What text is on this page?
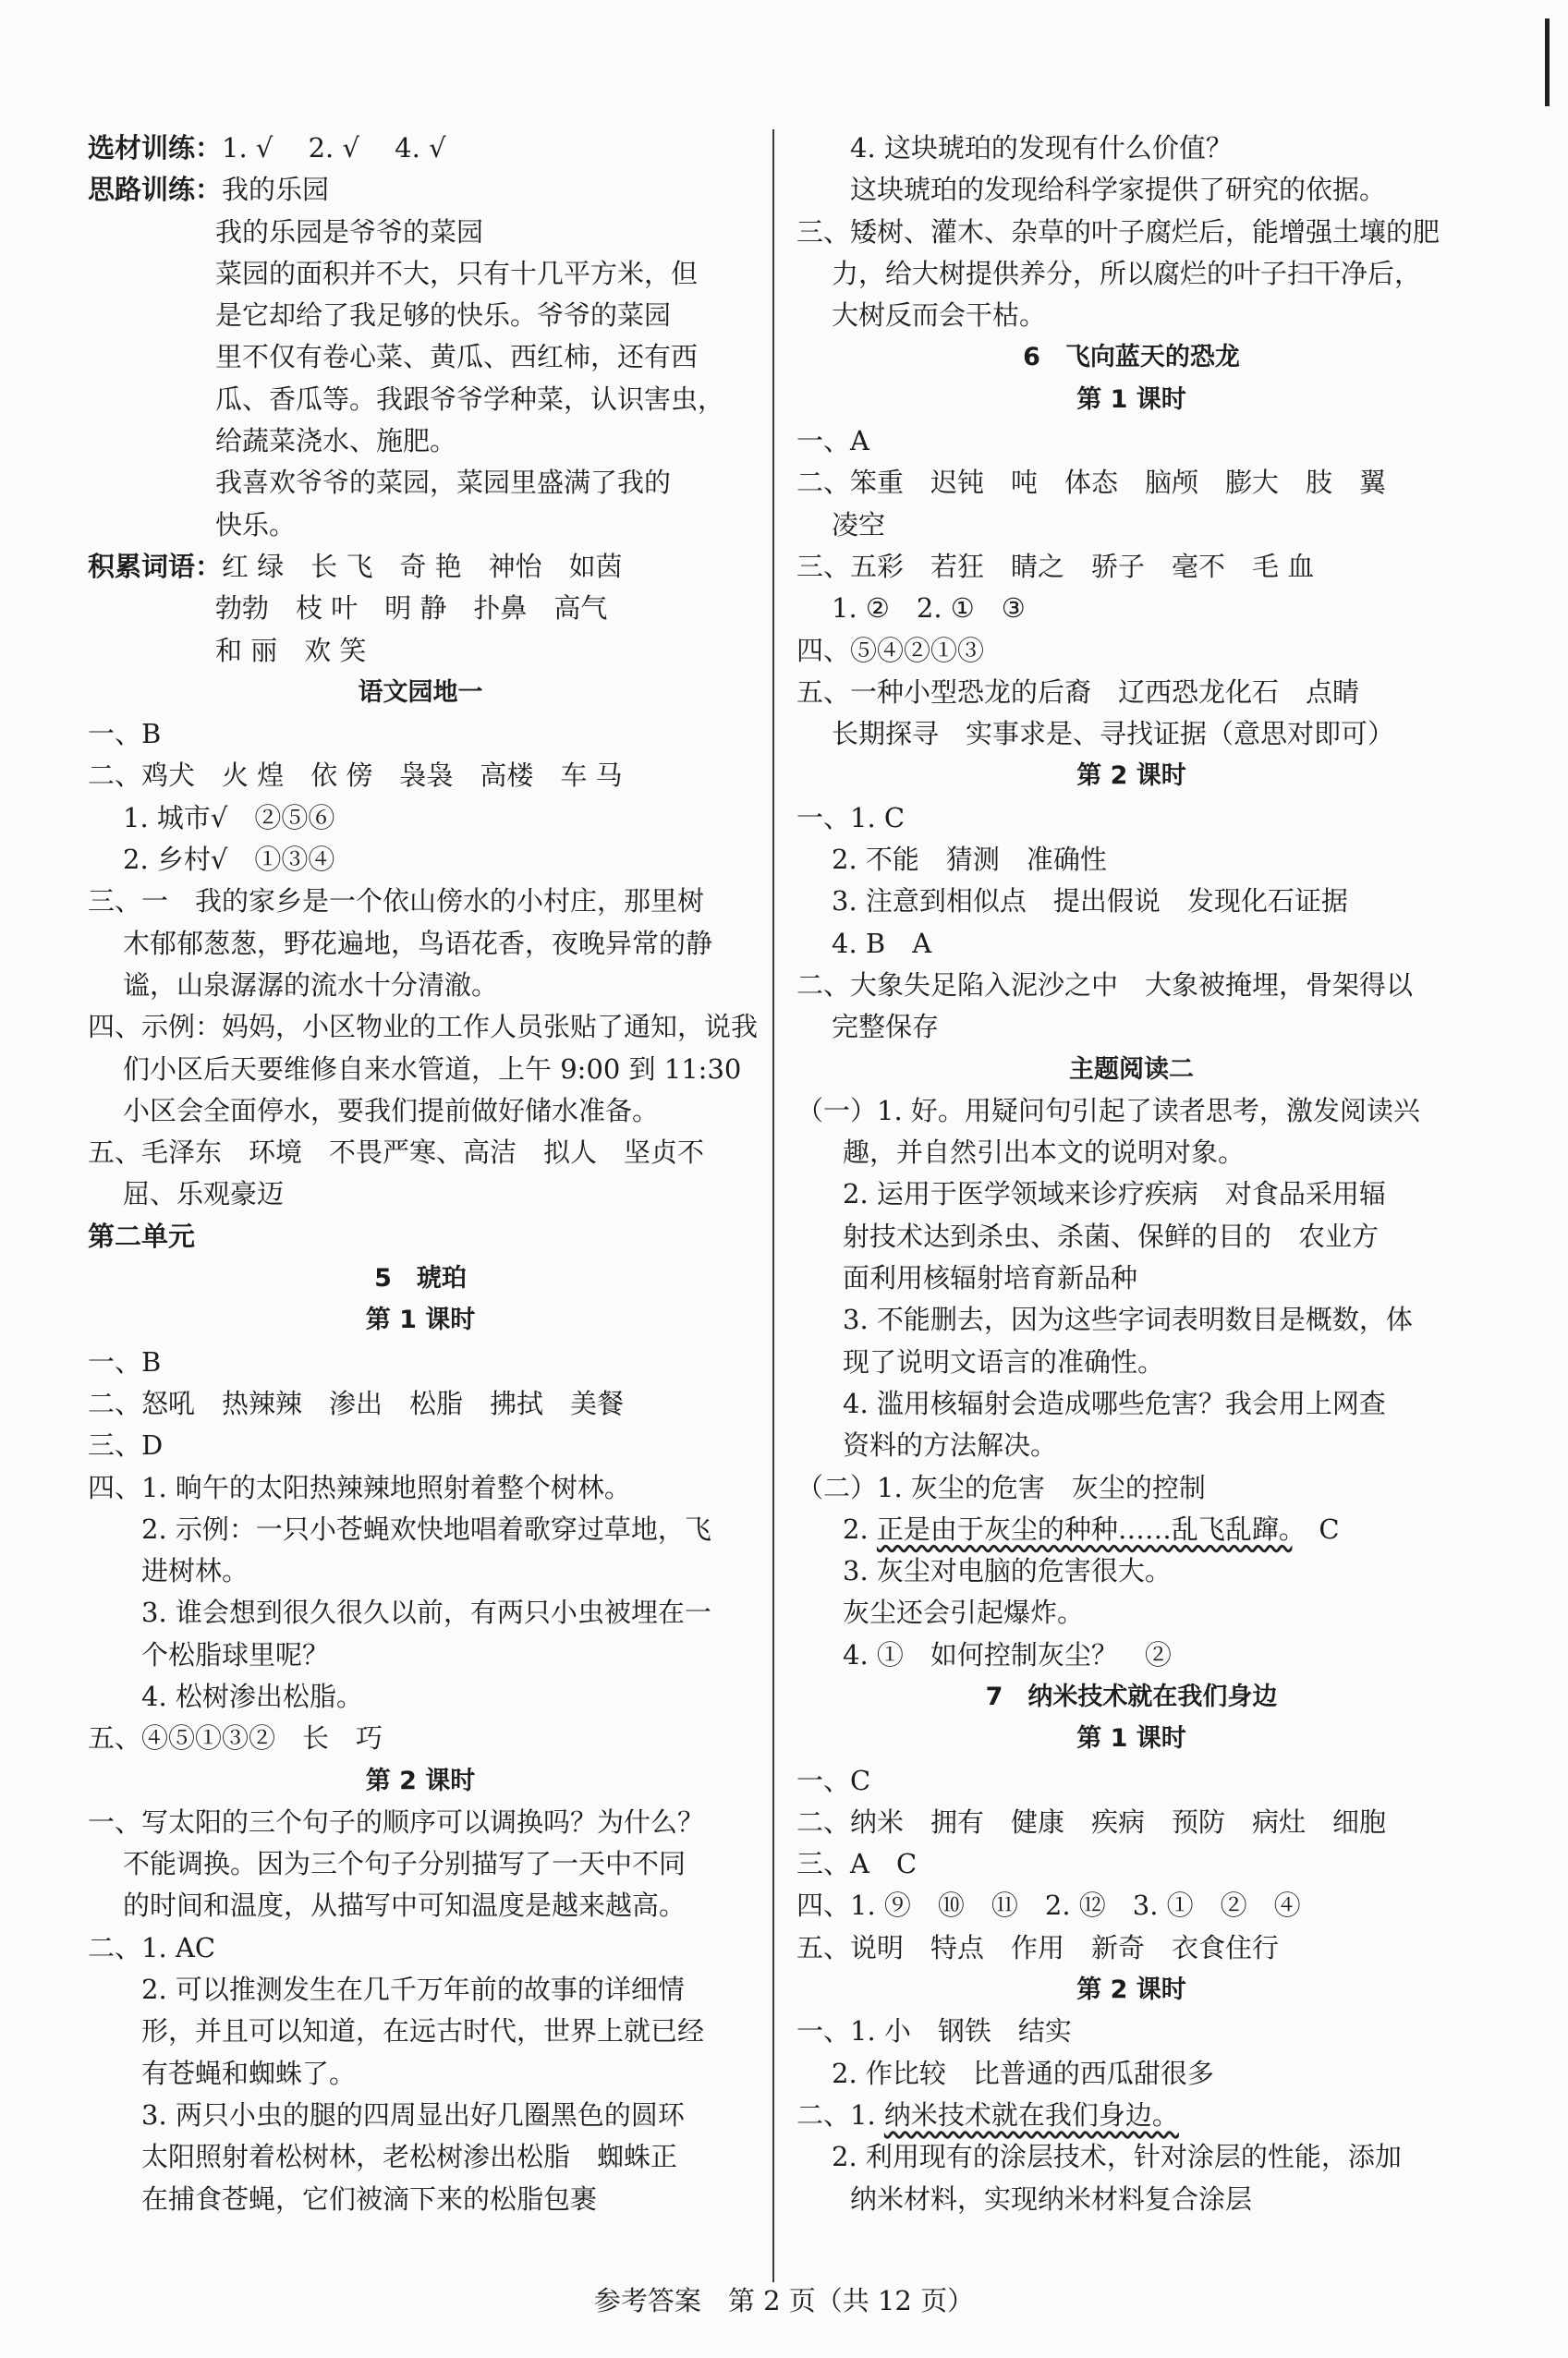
选材训练：1. √　 2. √　 4. √
思路训练：我的乐园
我的乐园是爷爷的菜园
菜园的面积并不大，只有十几平方米，但
是它却给了我足够的快乐。爷爷的菜园
里不仅有卷心菜、黄瓜、西红柿，还有西
瓜、香瓜等。我跟爷爷学种菜，认识害虫，
给蔬菜浇水、施肥。
我喜欢爷爷的菜园，菜园里盛满了我的
快乐。
积累词语：红 绿　长 飞　奇 艳　神怡　如茵
勃勃　枝 叶　明 静　扑鼻　高气
和 丽　欢 笑
语文园地一
一、B
二、鸡犬　火 煌　依 傍　袅袅　高楼　车 马
1. 城市√　②⑤⑥
2. 乡村√　①③④
三、一　我的家乡是一个依山傍水的小村庄，那里树
木郁郁葱葱，野花遍地，鸟语花香，夜晚异常的静
谧，山泉潺潺的流水十分清澈。
四、示例：妈妈，小区物业的工作人员张贴了通知，说我
们小区后天要维修自来水管道，上午 9:00 到 11:30
小区会全面停水，要我们提前做好储水准备。
五、毛泽东　环境　不畏严寒、高洁　拟人　坚贞不
屈、乐观豪迈
第二单元
5　琥珀
第 1 课时
一、B
二、怒吼　热辣辣　渗出　松脂　拂拭　美餐
三、D
四、1. 晌午的太阳热辣辣地照射着整个树林。
2. 示例：一只小苍蝇欢快地唱着歌穿过草地，飞
进树林。
3. 谁会想到很久很久以前，有两只小虫被埋在一
个松脂球里呢？
4. 松树渗出松脂。
五、④⑤①③②　长　巧
第 2 课时
一、写太阳的三个句子的顺序可以调换吗？为什么？
不能调换。因为三个句子分别描写了一天中不同
的时间和温度，从描写中可知温度是越来越高。
二、1. AC
2. 可以推测发生在几千万年前的故事的详细情
形，并且可以知道，在远古时代，世界上就已经
有苍蝇和蜘蛛了。
3. 两只小虫的腿的四周显出好几圈黑色的圆环
太阳照射着松树林，老松树渗出松脂　蜘蛛正
在捕食苍蝇，它们被滴下来的松脂包裹
4. 这块琥珀的发现有什么价值？
这块琥珀的发现给科学家提供了研究的依据。
三、矮树、灌木、杂草的叶子腐烂后，能增强土壤的肥
力，给大树提供养分，所以腐烂的叶子扫干净后，
大树反而会干枯。
6　飞向蓝天的恐龙
第 1 课时
一、A
二、笨重　迟钝　吨　体态　脑颅　膨大　肢　翼
凌空
三、五彩　若狂　睛之　骄子　毫不　毛 血
1. ②　2. ①　③
四、⑤④②①③
五、一种小型恐龙的后裔　辽西恐龙化石　点睛
长期探寻　实事求是、寻找证据（意思对即可）
第 2 课时
一、1. C
2. 不能　猜测　准确性
3. 注意到相似点　提出假说　发现化石证据
4. B　A
二、大象失足陷入泥沙之中　大象被掩埋，骨架得以
完整保存
主题阅读二
（一）1. 好。用疑问句引起了读者思考，激发阅读兴
趣，并自然引出本文的说明对象。
2. 运用于医学领域来诊疗疾病　对食品采用辐
射技术达到杀虫、杀菌、保鲜的目的　农业方
面利用核辐射培育新品种
3. 不能删去，因为这些字词表明数目是概数，体
现了说明文语言的准确性。
4. 滥用核辐射会造成哪些危害？我会用上网查
资料的方法解决。
（二）1. 灰尘的危害　灰尘的控制
2. 正是由于灰尘的种种……乱飞乱蹿。　C
3. 灰尘对电脑的危害很大。
灰尘还会引起爆炸。
4. ①　如何控制灰尘？　②
7　纳米技术就在我们身边
第 1 课时
一、C
二、纳米　拥有　健康　疾病　预防　病灶　细胞
三、A　C
四、1. ⑨　⑩　⑪　2. ⑫　3. ①　②　④
五、说明　特点　作用　新奇　衣食住行
第 2 课时
一、1. 小　钢铁　结实
2. 作比较　比普通的西瓜甜很多
二、1. 纳米技术就在我们身边。
2. 利用现有的涂层技术，针对涂层的性能，添加
纳米材料，实现纳米材料复合涂层
参考答案　第 2 页（共 12 页）
